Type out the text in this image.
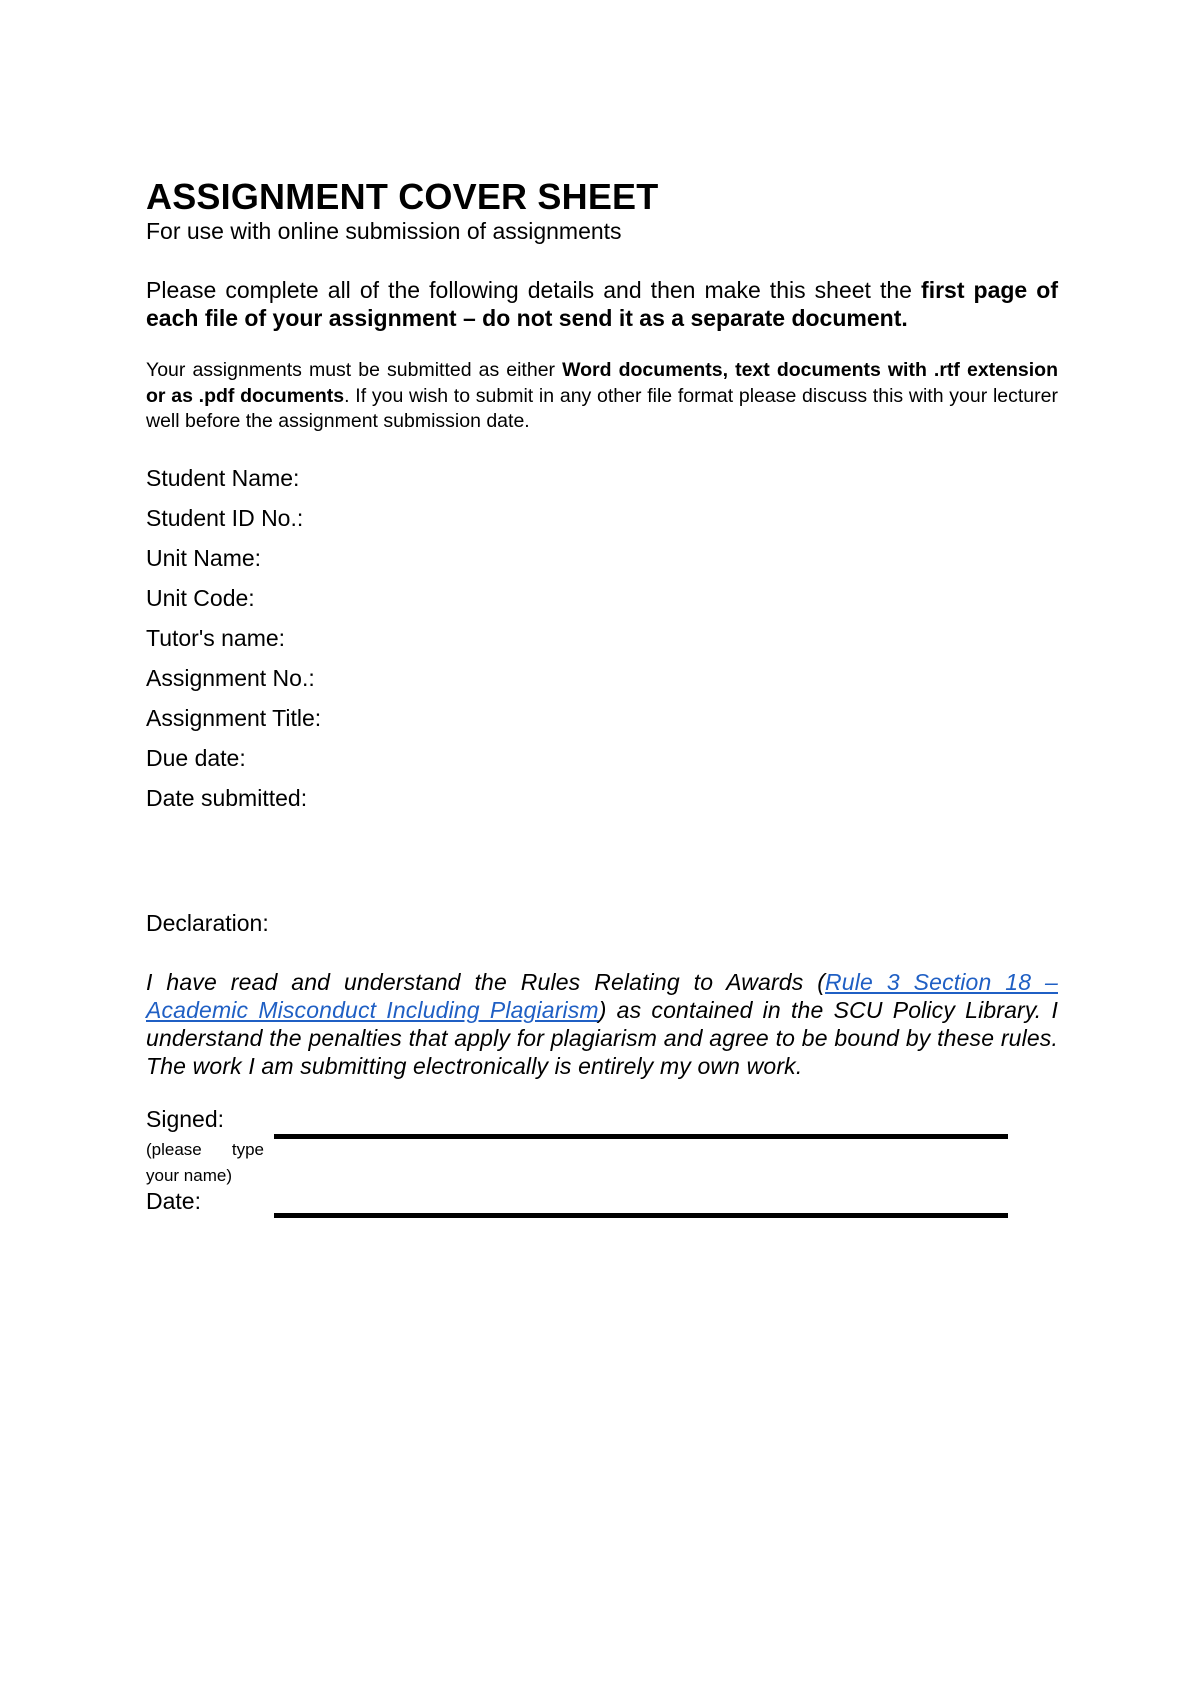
ASSIGNMENT COVER SHEET

For use with online submission of assignments

Please complete all of the following details and then make this sheet the first page of each file of your assignment – do not send it as a separate document.

Your assignments must be submitted as either Word documents, text documents with .rtf extension or as .pdf documents. If you wish to submit in any other file format please discuss this with your lecturer well before the assignment submission date.

Student Name:
Student ID No.:
Unit Name:
Unit Code:
Tutor's name:
Assignment No.:
Assignment Title:
Due date:
Date submitted:

Declaration:

I have read and understand the Rules Relating to Awards (Rule 3 Section 18 – Academic Misconduct Including Plagiarism) as contained in the SCU Policy Library. I understand the penalties that apply for plagiarism and agree to be bound by these rules. The work I am submitting electronically is entirely my own work.

Signed:
(please type
your name)
Date:
